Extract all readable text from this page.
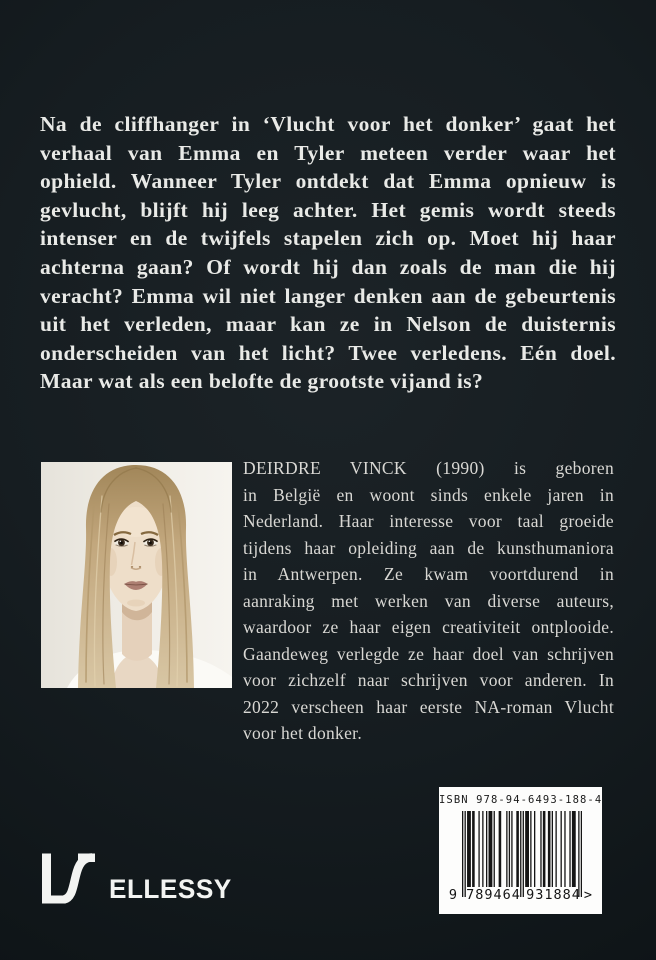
Na de cliffhanger in ‘Vlucht voor het donker’ gaat het
verhaal van Emma en Tyler meteen verder waar het
ophield. Wanneer Tyler ontdekt dat Emma opnieuw is
gevlucht, blijft hij leeg achter. Het gemis wordt steeds
intenser en de twijfels stapelen zich op. Moet hij haar
achterna gaan? Of wordt hij dan zoals de man die hij
veracht? Emma wil niet langer denken aan de gebeurtenis
uit het verleden, maar kan ze in Nelson de duisternis
onderscheiden van het licht? Twee verledens. Eén doel.
Maar wat als een belofte de grootste vijand is?
DEIRDRE VINCK (1990) is geboren
in België en woont sinds enkele jaren in
Nederland. Haar interesse voor taal groeide
tijdens haar opleiding aan de kunsthumaniora
in Antwerpen. Ze kwam voortdurend in
aanraking met werken van diverse auteurs,
waardoor ze haar eigen creativiteit ontplooide.
Gaandeweg verlegde ze haar doel van schrijven
voor zichzelf naar schrijven voor anderen. In
2022 verscheen haar eerste NA-roman Vlucht
voor het donker.
ELLESSY
ISBN 978-94-6493-188-4
9 789464 931884 >
